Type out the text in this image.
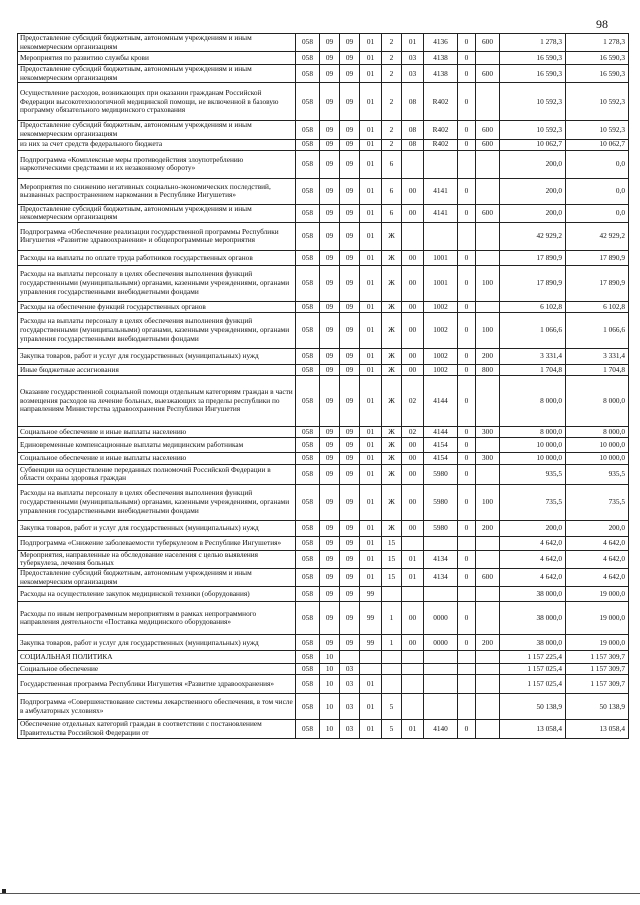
98
Предоставление субсидий бюджетным, автономным учреждениям и иным некоммерческим организациям	058	09	09	01	2	01	4136	0	600	1 278,3	1 278,3
Мероприятия по развитию службы крови	058	09	09	01	2	03	4138	0		16 590,3	16 590,3
Предоставление субсидий бюджетным, автономным учреждениям и иным некоммерческим организациям	058	09	09	01	2	03	4138	0	600	16 590,3	16 590,3
Осуществление расходов, возникающих при оказании гражданам Российской Федерации высокотехнологичной медицинской помощи, не включенной в базовую программу обязательного медицинского страхования	058	09	09	01	2	08	R402	0		10 592,3	10 592,3
Предоставление субсидий бюджетным, автономным учреждениям и иным некоммерческим организациям	058	09	09	01	2	08	R402	0	600	10 592,3	10 592,3
из них за счет средств федерального бюджета	058	09	09	01	2	08	R402	0	600	10 062,7	10 062,7
Подпрограмма «Комплексные меры противодействия злоупотреблению наркотическими средствами и их незаконному обороту»	058	09	09	01	6					200,0	0,0
Мероприятия по снижению негативных социально-экономических последствий, вызванных распространением наркомании в Республике Ингушетия»	058	09	09	01	6	00	4141	0		200,0	0,0
Предоставление субсидий бюджетным, автономным учреждениям и иным некоммерческим организациям	058	09	09	01	6	00	4141	0	600	200,0	0,0
Подпрограмма «Обеспечение реализации государственной программы Республики Ингушетия «Развитие здравоохранения» и общепрограммные мероприятия	058	09	09	01	Ж					42 929,2	42 929,2
Расходы на выплаты по оплате труда работников государственных органов	058	09	09	01	Ж	00	1001	0		17 890,9	17 890,9
Расходы на выплаты персоналу в целях обеспечения выполнения функций государственными (муниципальными) органами, казенными учреждениями, органами управления государственными внебюджетными фондами	058	09	09	01	Ж	00	1001	0	100	17 890,9	17 890,9
Расходы на обеспечение функций государственных органов	058	09	09	01	Ж	00	1002	0		6 102,8	6 102,8
Расходы на выплаты персоналу в целях обеспечения выполнения функций государственными (муниципальными) органами, казенными учреждениями, органами управления государственными внебюджетными фондами	058	09	09	01	Ж	00	1002	0	100	1 066,6	1 066,6
Закупка товаров, работ и услуг для государственных (муниципальных) нужд	058	09	09	01	Ж	00	1002	0	200	3 331,4	3 331,4
Иные бюджетные ассигнования	058	09	09	01	Ж	00	1002	0	800	1 704,8	1 704,8
Оказание государственной социальной помощи отдельным категориям граждан в части возмещения расходов на лечение больных, выезжающих за пределы республики по направлениям Министерства здравоохранения Республики Ингушетия	058	09	09	01	Ж	02	4144	0		8 000,0	8 000,0
Социальное обеспечение и иные выплаты населению	058	09	09	01	Ж	02	4144	0	300	8 000,0	8 000,0
Единовременные компенсационные выплаты медицинским работникам	058	09	09	01	Ж	00	4154	0		10 000,0	10 000,0
Социальное обеспечение и иные выплаты населению	058	09	09	01	Ж	00	4154	0	300	10 000,0	10 000,0
Субвенции на осуществление переданных полномочий Российской Федерации в области охраны здоровья граждан	058	09	09	01	Ж	00	5980	0		935,5	935,5
Расходы на выплаты персоналу в целях обеспечения выполнения функций государственными (муниципальными) органами, казенными учреждениями, органами управления государственными внебюджетными фондами	058	09	09	01	Ж	00	5980	0	100	735,5	735,5
Закупка товаров, работ и услуг для государственных (муниципальных) нужд	058	09	09	01	Ж	00	5980	0	200	200,0	200,0
Подпрограмма «Снижение заболеваемости туберкулезом в Республике Ингушетия»	058	09	09	01	15					4 642,0	4 642,0
Мероприятия, направленные на обследование населения с целью выявления туберкулеза, лечения больных	058	09	09	01	15	01	4134	0		4 642,0	4 642,0
Предоставление субсидий бюджетным, автономным учреждениям и иным некоммерческим организациям	058	09	09	01	15	01	4134	0	600	4 642,0	4 642,0
Расходы на осуществление закупок медицинской техники (оборудования)	058	09	09	99						38 000,0	19 000,0
Расходы по иным непрограммным мероприятиям в рамках непрограммного направления деятельности «Поставка медицинского оборудования»	058	09	09	99	1	00	0000	0		38 000,0	19 000,0
Закупка товаров, работ и услуг для государственных (муниципальных) нужд	058	09	09	99	1	00	0000	0	200	38 000,0	19 000,0
СОЦИАЛЬНАЯ ПОЛИТИКА	058	10								1 157 225,4	1 157 309,7
Социальное обеспечение	058	10	03							1 157 025,4	1 157 309,7
Государственная программа Республики Ингушетия «Развитие здравоохранения»	058	10	03	01						1 157 025,4	1 157 309,7
Подпрограмма «Совершенствование системы лекарственного обеспечения, в том числе в амбулаторных условиях»	058	10	03	01	5					50 138,9	50 138,9
Обеспечение отдельных категорий граждан в соответствии с постановлением Правительства Российской Федерации от	058	10	03	01	5	01	4140	0		13 058,4	13 058,4
